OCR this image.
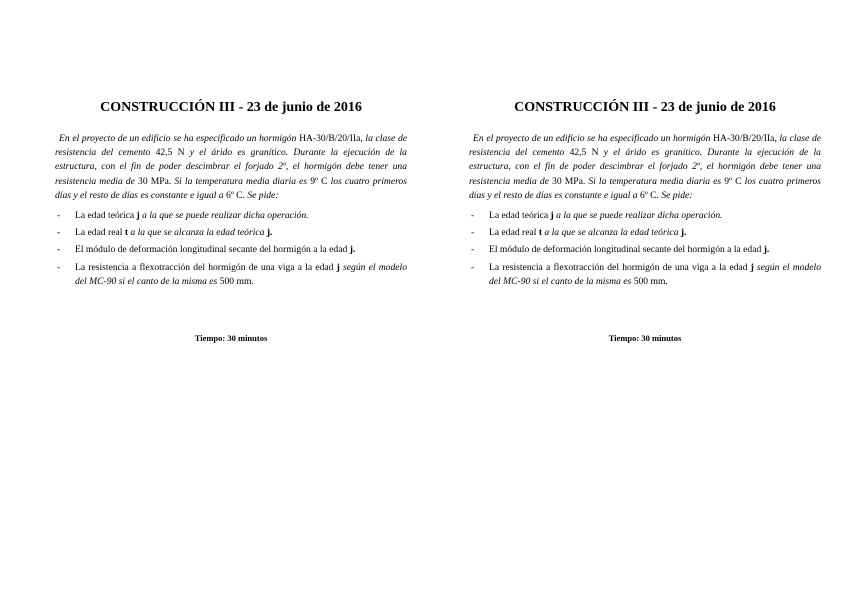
CONSTRUCCIÓN III - 23 de junio de 2016

En el proyecto de un edificio se ha especificado un hormigón HA-30/B/20/IIa, la clase de resistencia del cemento 42,5 N y el árido es granítico. Durante la ejecución de la estructura, con el fin de poder descimbrar el forjado 2º, el hormigón debe tener una resistencia media de 30 MPa. Si la temperatura media diaria es 9º C los cuatro primeros días y el resto de días es constante e igual a 6º C. Se pide:

- La edad teórica j a la que se puede realizar dicha operación.
- La edad real t a la que se alcanza la edad teórica j.
- El módulo de deformación longitudinal secante del hormigón a la edad j.
- La resistencia a flexotracción del hormigón de una viga a la edad j según el modelo del MC-90 si el canto de la misma es 500 mm.
Tiempo: 30 minutos
CONSTRUCCIÓN III - 23 de junio de 2016

En el proyecto de un edificio se ha especificado un hormigón HA-30/B/20/IIa, la clase de resistencia del cemento 42,5 N y el árido es granítico. Durante la ejecución de la estructura, con el fin de poder descimbrar el forjado 2º, el hormigón debe tener una resistencia media de 30 MPa. Si la temperatura media diaria es 9º C los cuatro primeros días y el resto de días es constante e igual a 6º C. Se pide:

- La edad teórica j a la que se puede realizar dicha operación.
- La edad real t a la que se alcanza la edad teórica j.
- El módulo de deformación longitudinal secante del hormigón a la edad j.
- La resistencia a flexotracción del hormigón de una viga a la edad j según el modelo del MC-90 si el canto de la misma es 500 mm.
Tiempo: 30 minutos
